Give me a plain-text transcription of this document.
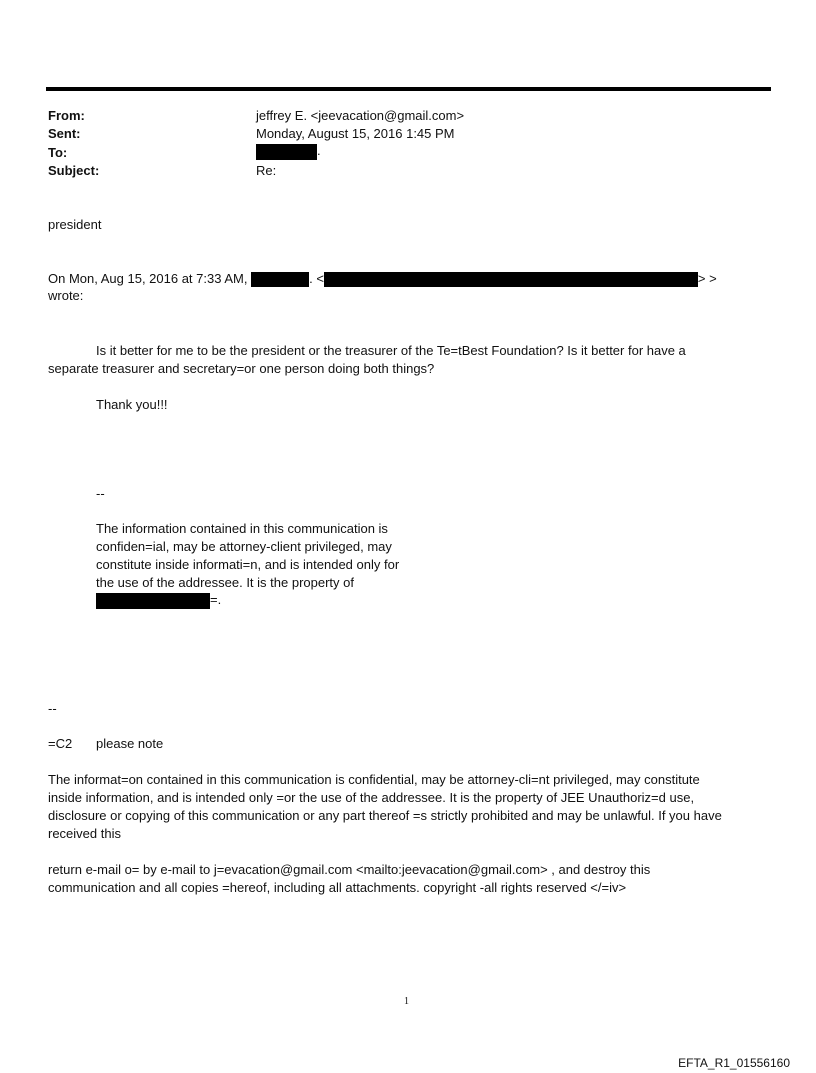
From:	jeffrey E. <jeevacation@gmail.com>
Sent:	Monday, August 15, 2016 1:45 PM
To:	.
Subject:	Re:
president
On Mon, Aug 15, 2016 at 7:33 AM,	. <	> >
wrote:
Is it better for me to be the president or the treasurer of the Te=tBest Foundation? Is it better for have a
separate treasurer and secretary=or one person doing both things?
Thank you!!!
--
The information contained in this communication is
confiden=ial, may be attorney-client privileged, may
constitute inside informati=n, and is intended only for
the use of the addressee. It is the property of
=.
--
=C2 please note
The informat=on contained in this communication is confidential, may be attorney-cli=nt privileged, may constitute
inside information, and is intended only =or the use of the addressee. It is the property of JEE Unauthoriz=d use,
disclosure or copying of this communication or any part thereof =s strictly prohibited and may be unlawful. If you have
received this
return e-mail o= by e-mail to j=evacation@gmail.com <mailto:jeevacation@gmail.com> , and destroy this
communication and all copies =hereof, including all attachments. copyright -all rights reserved </=iv>
1
EFTA_R1_01556160
